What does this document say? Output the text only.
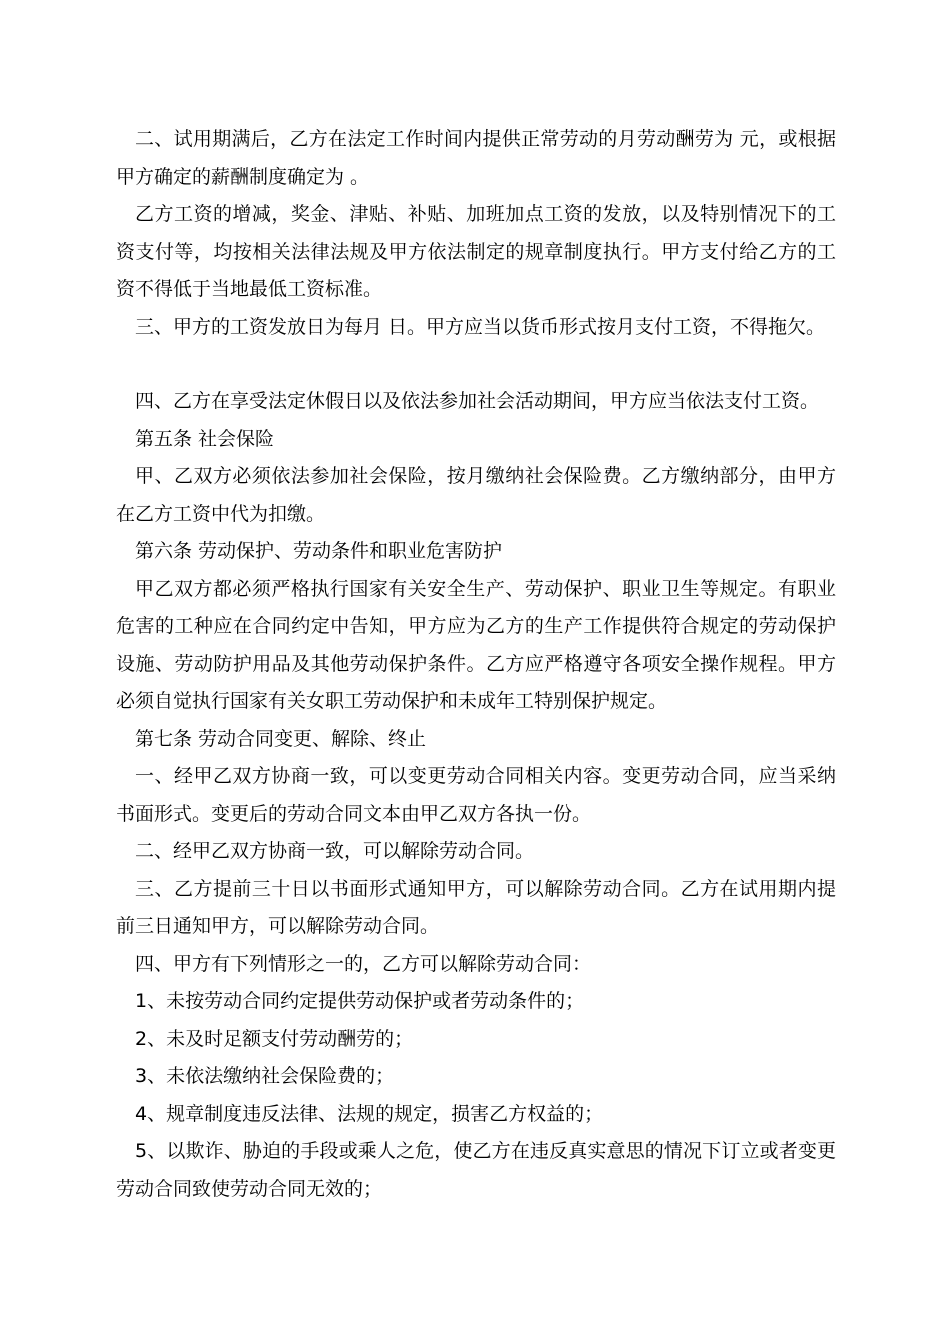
二、试用期满后，乙方在法定工作时间内提供正常劳动的月劳动酬劳为 元，或根据甲方确定的薪酬制度确定为 。

乙方工资的增减，奖金、津贴、补贴、加班加点工资的发放，以及特别情况下的工资支付等，均按相关法律法规及甲方依法制定的规章制度执行。甲方支付给乙方的工资不得低于当地最低工资标准。

三、甲方的工资发放日为每月 日。甲方应当以货币形式按月支付工资，不得拖欠。

四、乙方在享受法定休假日以及依法参加社会活动期间，甲方应当依法支付工资。

第五条 社会保险

甲、乙双方必须依法参加社会保险，按月缴纳社会保险费。乙方缴纳部分，由甲方在乙方工资中代为扣缴。

第六条 劳动保护、劳动条件和职业危害防护

甲乙双方都必须严格执行国家有关安全生产、劳动保护、职业卫生等规定。有职业危害的工种应在合同约定中告知，甲方应为乙方的生产工作提供符合规定的劳动保护设施、劳动防护用品及其他劳动保护条件。乙方应严格遵守各项安全操作规程。甲方必须自觉执行国家有关女职工劳动保护和未成年工特别保护规定。

第七条 劳动合同变更、解除、终止

一、经甲乙双方协商一致，可以变更劳动合同相关内容。变更劳动合同，应当采纳书面形式。变更后的劳动合同文本由甲乙双方各执一份。

二、经甲乙双方协商一致，可以解除劳动合同。

三、乙方提前三十日以书面形式通知甲方，可以解除劳动合同。乙方在试用期内提前三日通知甲方，可以解除劳动合同。

四、甲方有下列情形之一的，乙方可以解除劳动合同：

1、未按劳动合同约定提供劳动保护或者劳动条件的；

2、未及时足额支付劳动酬劳的；

3、未依法缴纳社会保险费的；

4、规章制度违反法律、法规的规定，损害乙方权益的；

5、以欺诈、胁迫的手段或乘人之危，使乙方在违反真实意思的情况下订立或者变更劳动合同致使劳动合同无效的；
